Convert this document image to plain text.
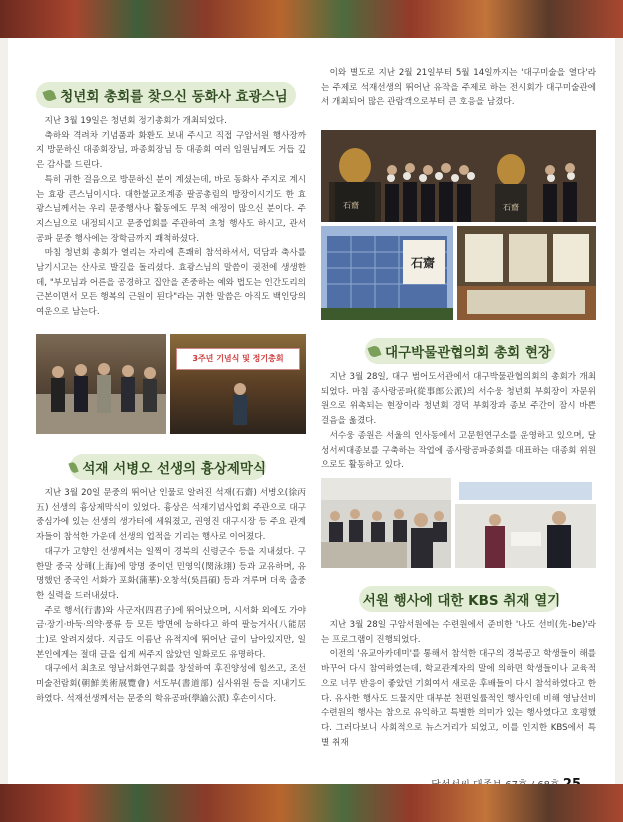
청년회 총회를 찾으신 동화사 효광스님

지난 3월 19일은 청년회 정기총회가 개최되었다.

축하와 격려차 기념품과 화환도 보내 주시고 직접 구암서원 행사장까지 방문하신 대종회장님, 파종회장님 등 대종회 여러 임원님께도 거듭 깊은 감사를 드린다.

특히 귀한 걸음으로 방문하신 분이 계셨는데, 바로 동화사 주지로 계시는 효광 큰스님이시다. 대한불교조계종 팔공총림의 방장이시기도 한 효광스님께서는 우리 문중행사나 활동에도 무척 애정이 많으신 분이다. 주지스님으로 내정되시고 문중업회를 주관하여 초청 행사도 하시고, 관서공파 문중 행사에는 장학금까지 쾌척하셨다.

마침 청년회 총회가 열리는 자리에 흔쾌히 참석하셔서, 덕담과 축사를 남기시고는 산사로 발길을 돌리셨다. 효광스님의 말씀이 귓전에 생생한데, "부모님과 어른을 공경하고 집안을 존중하는 예와 법도는 인간도리의 근본이면서 모든 행복의 근원이 된다"라는 귀한 말씀은 아직도 백인당의 여운으로 남는다.

3주년 기념식 및 정기총회
석재 서병오 선생의 흉상제막식

지난 3월 20일 문중의 뛰어난 인물로 알려진 석재(石齋) 서병오(徐丙五) 선생의 흉상제막식이 있었다. 흉상은 석재기념사업회 주관으로 대구 중심가에 있는 선생의 생가터에 세워졌고, 권영진 대구시장 등 주요 관계자들이 참석한 가운데 선생의 업적을 기리는 행사로 이어졌다.

대구가 고향인 선생께서는 일찍이 경북의 신령군수 등을 지내셨다. 구한말 중국 상해(上海)에 망명 중이던 민영익(閔泳翊) 등과 교유하며, 유명했던 중국인 서화가 포화(蒲華)·오창석(吳昌碩) 등과 겨루며 더욱 출중한 실력을 드러내셨다.

주로 행서(行書)와 사군자(四君子)에 뛰어났으며, 시서화 외에도 가야금·장기·바둑·의약·풍류 등 모든 방면에 능하다고 하여 팔능거사(八能居士)로 알려지셨다. 지금도 이름난 유적지에 뛰어난 글이 남아있지만, 일본인에게는 절대 글을 쉽게 써주지 않았던 일화로도 유명하다.

대구에서 최초로 영남서화연구회를 창설하여 후진양성에 힘쓰고, 조선미술전람회(朝鮮美術展覽會) 서도부(書道部) 심사위원 등을 지내기도 하였다. 석재선생께서는 문중의 학유공파(學諭公派) 후손이시다.

이와 별도로 지난 2월 21일부터 5월 14일까지는 '대구미술을 열다'라는 주제로 석재선생의 뛰어난 유작을 주제로 하는 전시회가 대구미술관에서 개최되어 많은 관람객으로부터 큰 호응을 남겼다.

石齋	石齋
石齋
대구박물관협의회 총회 현장

지난 3월 28일, 대구 범어도서관에서 대구박물관협의회의 총회가 개최되었다. 마침 종사랑공파(從事郎公派)의 서수웅 청년회 부회장이 자문위원으로 위촉되는 현장이라 청년회 경덕 부회장과 종보 주간이 잠시 바쁜 걸음을 옮겼다.

서수웅 종원은 서울의 인사동에서 고문헌연구소를 운영하고 있으며, 달성서씨대종보를 구축하는 작업에 종사랑공파종회를 대표하는 대종회 위원으로도 활동하고 있다.

서원 행사에 대한 KBS 취재 열기

지난 3월 28일 구암서원에는 수련원에서 준비한 '나도 선비(先-be)'라는 프로그램이 진행되었다.

이전의 '유교아카데미'를 통해서 참석한 대구의 경북공고 학생들이 해를 바꾸어 다시 참여하였는데, 학교관계자의 말에 의하면 학생들이나 교육적으로 너무 반응이 좋았던 기회여서 새로운 후배들이 다시 참석하였다고 한다. 유사한 행사도 드물지만 대부분 천편일률적인 행사인데 비해 영남선비수련원의 행사는 참으로 유익하고 특별한 의미가 있는 행사였다고 호평했다. 그러다보니 사회적으로 뉴스거리가 되었고, 이를 인지한 KBS에서 특별 취재
